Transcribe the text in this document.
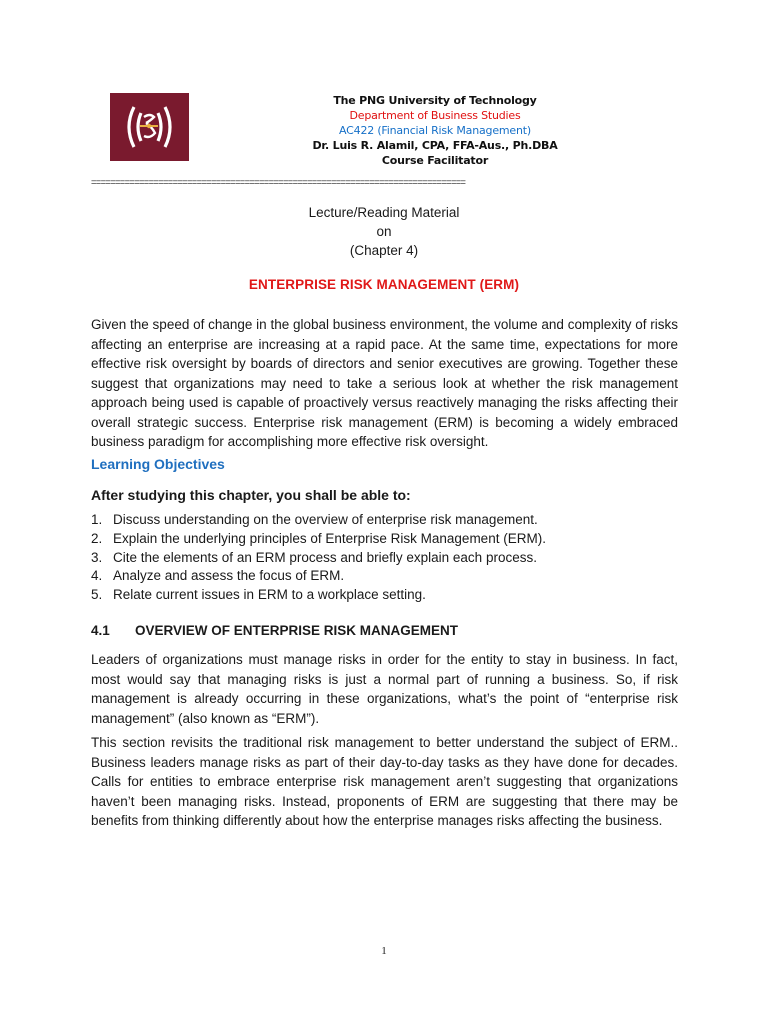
The PNG University of Technology
Department of Business Studies
AC422 (Financial Risk Management)
Dr. Luis R. Alamil, CPA, FFA-Aus., Ph.DBA
Course Facilitator
==============================================================================
Lecture/Reading Material
on
(Chapter 4)
ENTERPRISE RISK MANAGEMENT (ERM)

Given the speed of change in the global business environment, the volume and complexity of risks affecting an enterprise are increasing at a rapid pace. At the same time, expectations for more effective risk oversight by boards of directors and senior executives are growing. Together these suggest that organizations may need to take a serious look at whether the risk management approach being used is capable of proactively versus reactively managing the risks affecting their overall strategic success. Enterprise risk management (ERM) is becoming a widely embraced business paradigm for accomplishing more effective risk oversight.

Learning Objectives
After studying this chapter, you shall be able to:
1. Discuss understanding on the overview of enterprise risk management.
2. Explain the underlying principles of Enterprise Risk Management (ERM).
3. Cite the elements of an ERM process and briefly explain each process.
4. Analyze and assess the focus of ERM.
5. Relate current issues in ERM to a workplace setting.
4.1	OVERVIEW OF ENTERPRISE RISK MANAGEMENT

Leaders of organizations must manage risks in order for the entity to stay in business. In fact, most would say that managing risks is just a normal part of running a business. So, if risk management is already occurring in these organizations, what’s the point of “enterprise risk management” (also known as “ERM”).

This section revisits the traditional risk management to better understand the subject of ERM.. Business leaders manage risks as part of their day-to-day tasks as they have done for decades. Calls for entities to embrace enterprise risk management aren’t suggesting that organizations haven’t been managing risks. Instead, proponents of ERM are suggesting that there may be benefits from thinking differently about how the enterprise manages risks affecting the business.

1
